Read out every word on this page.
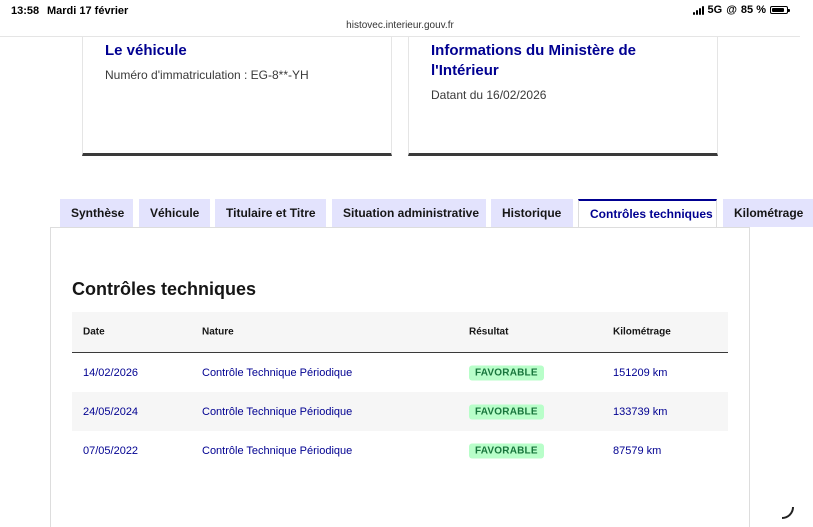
13:58 Mardi 17 février	5G @ 85 %
histovec.interieur.gouv.fr
Le véhicule
Numéro d'immatriculation : EG-8**-YH
Informations du Ministère de l'Intérieur
Datant du 16/02/2026
Synthèse	Véhicule	Titulaire et Titre	Situation administrative	Historique	Contrôles techniques	Kilométrage
Contrôles techniques
Date	Nature	Résultat	Kilométrage
14/02/2026	Contrôle Technique Périodique	FAVORABLE	151209 km
24/05/2024	Contrôle Technique Périodique	FAVORABLE	133739 km
07/05/2022	Contrôle Technique Périodique	FAVORABLE	87579 km
